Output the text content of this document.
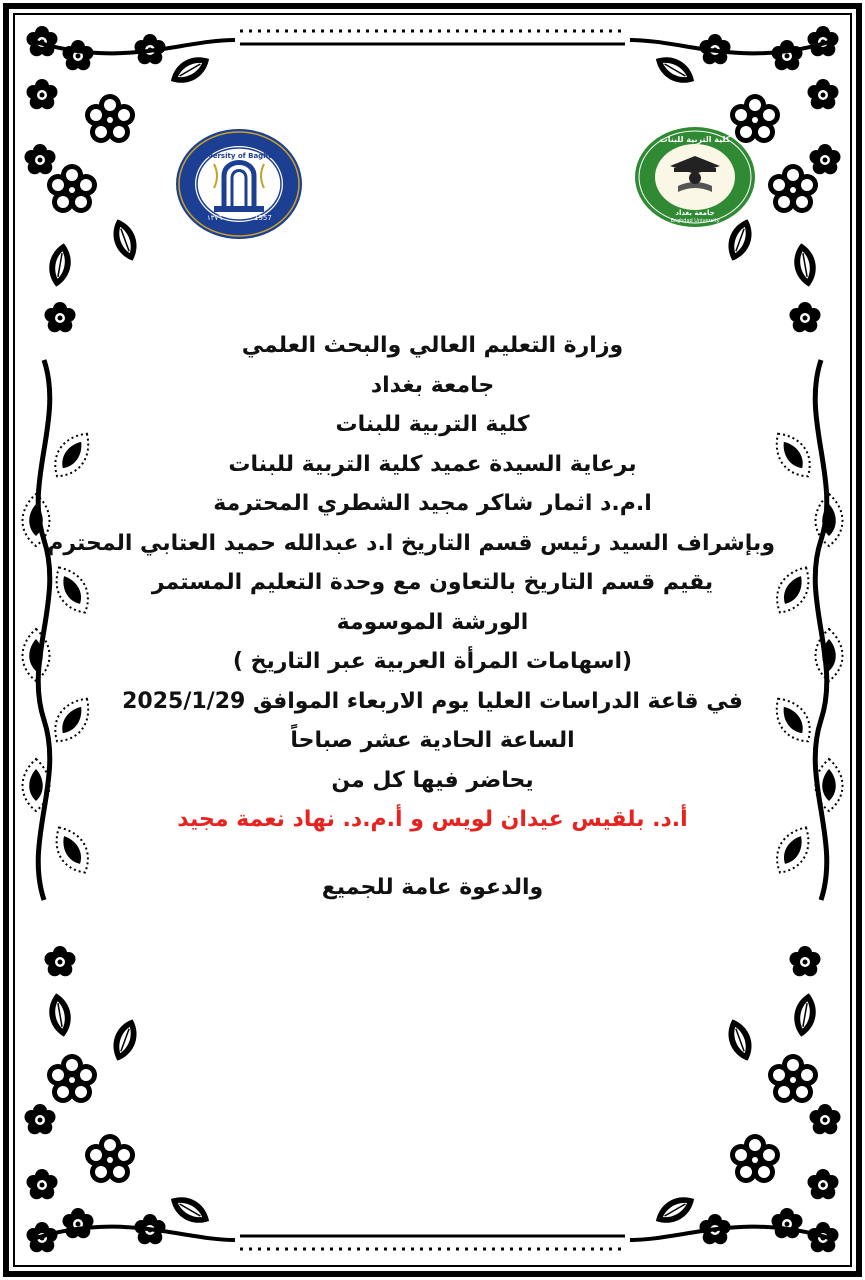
University of Baghdad
١٣٧٦	1957
كلية التربية للبنات
جامعة بغداد
Baghdad University
وزارة التعليم العالي والبحث العلمي
جامعة بغداد
كلية التربية للبنات
برعاية السيدة عميد كلية التربية للبنات
ا.م.د اثمار شاكر مجيد الشطري المحترمة
وبإشراف السيد رئيس قسم التاريخ ا.د عبدالله حميد العتابي المحترم
يقيم قسم التاريخ بالتعاون مع وحدة التعليم المستمر
الورشة الموسومة
(اسهامات المرأة العربية عبر التاريخ )
في قاعة الدراسات العليا يوم الاربعاء الموافق 2025/1/29
الساعة الحادية عشر صباحاً
يحاضر فيها كل من
أ.د. بلقيس عيدان لويس و أ.م.د. نهاد نعمة مجيد
والدعوة عامة للجميع
